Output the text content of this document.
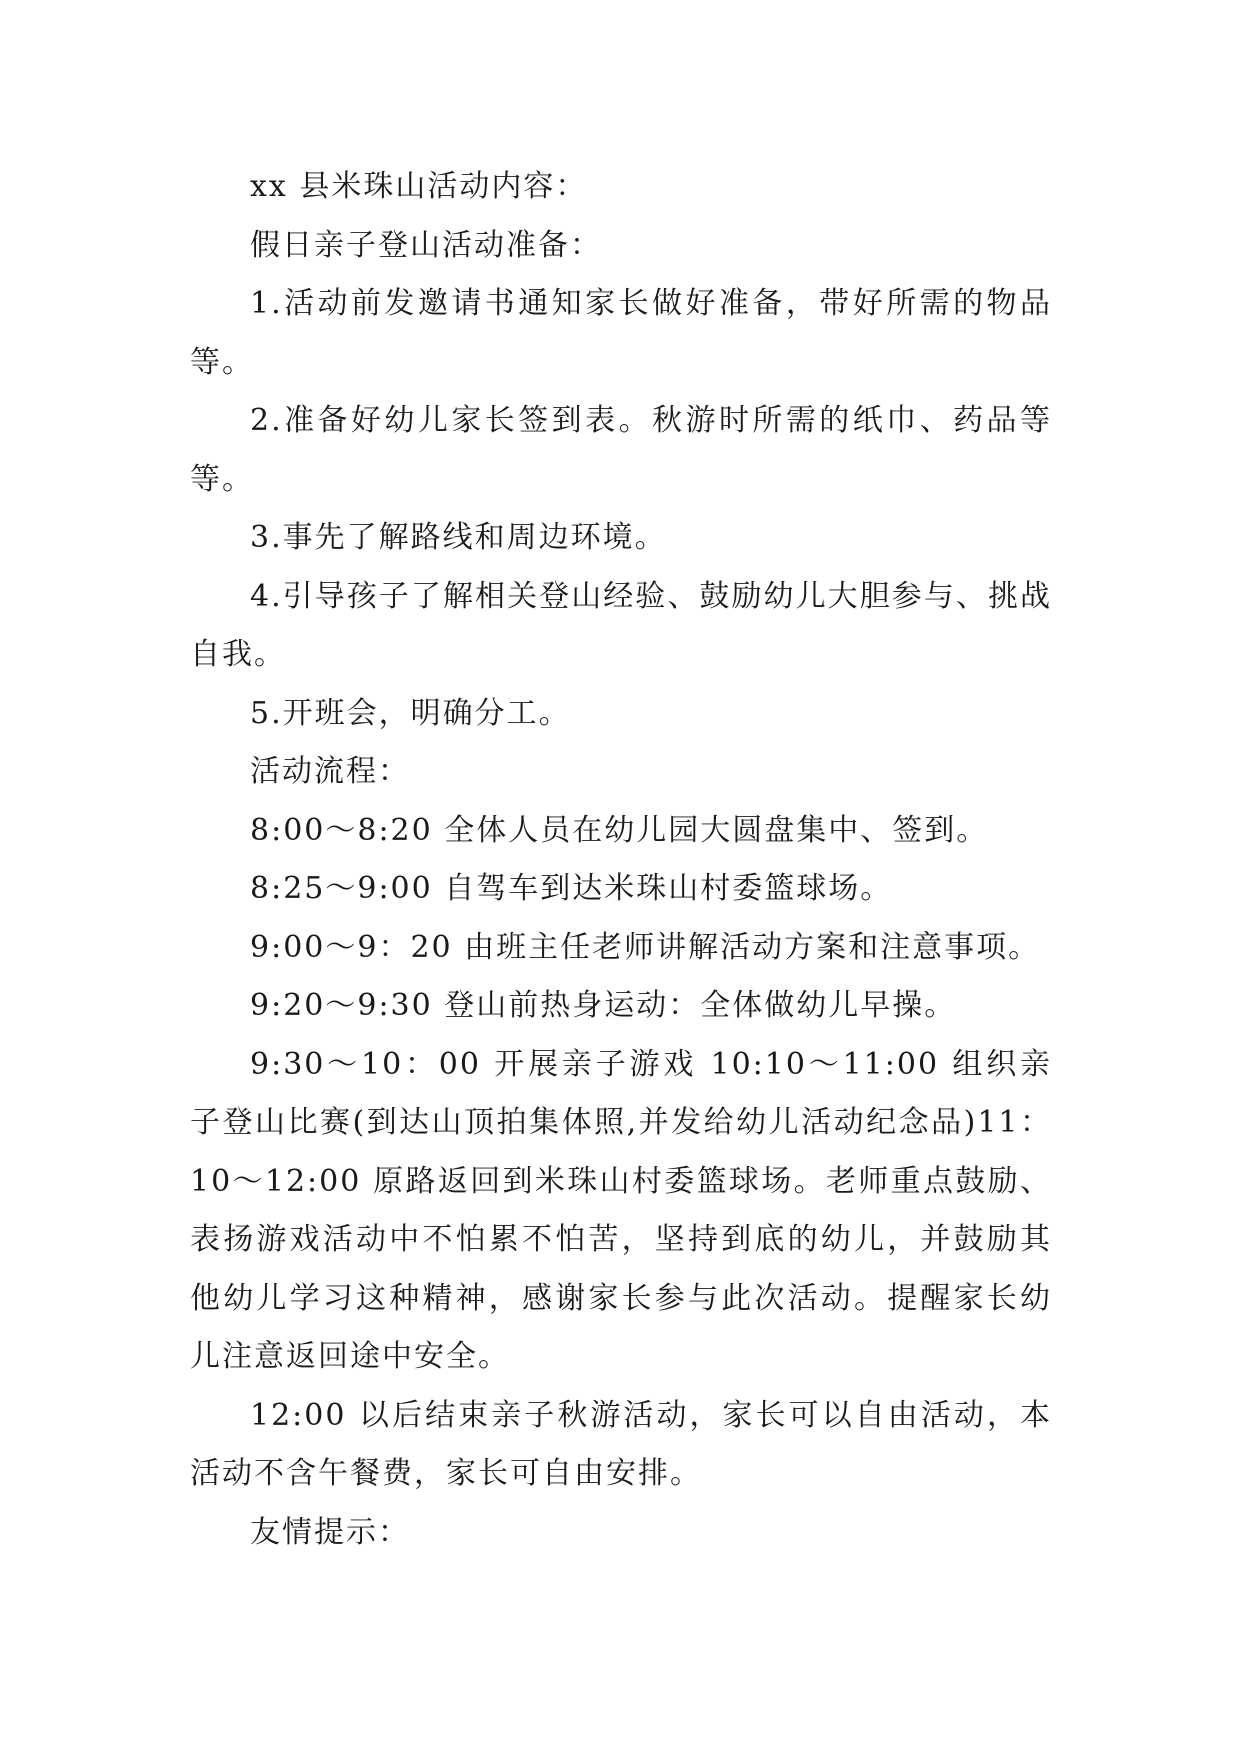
xx 县米珠山活动内容：

假日亲子登山活动准备：

1.活动前发邀请书通知家长做好准备，带好所需的物品等。

2.准备好幼儿家长签到表。秋游时所需的纸巾、药品等等。

3.事先了解路线和周边环境。

4.引导孩子了解相关登山经验、鼓励幼儿大胆参与、挑战自我。

5.开班会，明确分工。

活动流程：

8:00～8:20 全体人员在幼儿园大圆盘集中、签到。

8:25～9:00 自驾车到达米珠山村委篮球场。

9:00～9：20 由班主任老师讲解活动方案和注意事项。

9:20～9:30 登山前热身运动：全体做幼儿早操。

9:30～10：00 开展亲子游戏 10:10～11:00 组织亲子登山比赛(到达山顶拍集体照,并发给幼儿活动纪念品)11：10～12:00 原路返回到米珠山村委篮球场。老师重点鼓励、表扬游戏活动中不怕累不怕苦，坚持到底的幼儿，并鼓励其他幼儿学习这种精神，感谢家长参与此次活动。提醒家长幼儿注意返回途中安全。

12:00 以后结束亲子秋游活动，家长可以自由活动，本活动不含午餐费，家长可自由安排。

友情提示：
